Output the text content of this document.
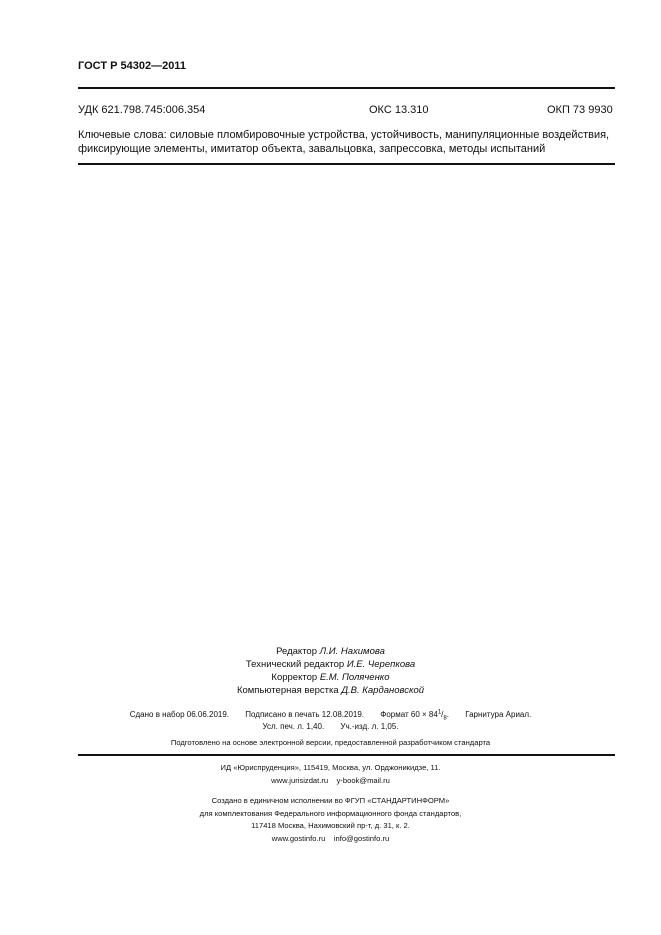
ГОСТ Р 54302—2011
УДК 621.798.745:006.354	ОКС 13.310	ОКП 73 9930
Ключевые слова: силовые пломбировочные устройства, устойчивость, манипуляционные воздействия, фиксирующие элементы, имитатор объекта, завальцовка, запрессовка, методы испытаний
Редактор Л.И. Нахимова
Технический редактор И.Е. Черепкова
Корректор Е.М. Поляченко
Компьютерная верстка Д.В. Кардановской
Сдано в набор 06.06.2019. Подписано в печать 12.08.2019. Формат $60 \times 84^1/_8$. Гарнитура Ариал.
Усл. печ. л. 1,40. Уч.-изд. л. 1,05.
Подготовлено на основе электронной версии, предоставленной разработчиком стандарта
ИД «Юриспруденция», 115419, Москва, ул. Орджоникидзе, 11.
www.jurisizdat.ru y-book@mail.ru
Создано в единичном исполнении во ФГУП «СТАНДАРТИНФОРМ»
для комплектования Федерального информационного фонда стандартов,
117418 Москва, Нахимовский пр-т, д. 31, к. 2.
www.gostinfo.ru info@gostinfo.ru
